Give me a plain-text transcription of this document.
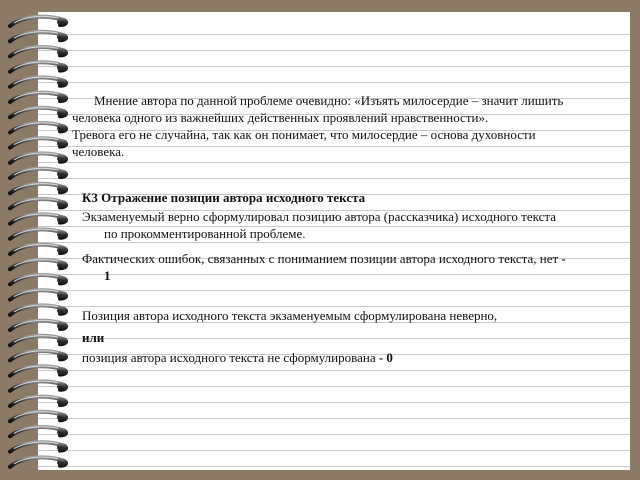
Мнение автора по данной проблеме очевидно: «Изъять милосердие – значит лишить
человека одного из важнейших действенных проявлений нравственности».
Тревога его не случайна, так как он понимает, что милосердие – основа духовности
человека.
К3 Отражение позиции автора исходного текста
Экзаменуемый верно сформулировал позицию автора (рассказчика) исходного текста
по прокомментированной проблеме.
Фактических ошибок, связанных с пониманием позиции автора исходного текста, нет -
1
Позиция автора исходного текста экзаменуемым сформулирована неверно,
или
позиция автора исходного текста не сформулирована - 0
